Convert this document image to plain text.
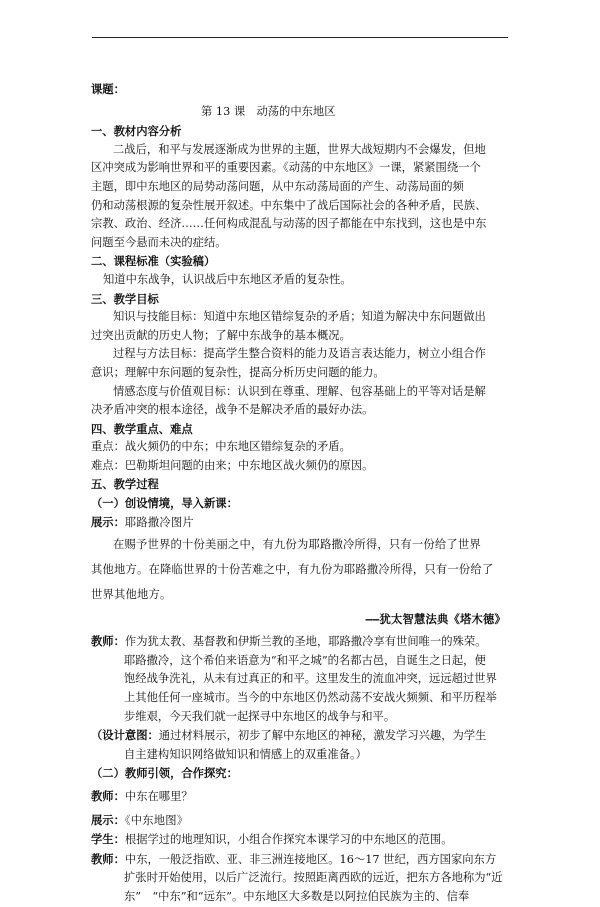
课题：
第 13 课　动荡的中东地区
一、教材内容分析
二战后，和平与发展逐渐成为世界的主题，世界大战短期内不会爆发，但地
区冲突成为影响世界和平的重要因素。《动荡的中东地区》一课，紧紧围绕一个
主题，即中东地区的局势动荡问题，从中东动荡局面的产生、动荡局面的频
仍和动荡根源的复杂性展开叙述。中东集中了战后国际社会的各种矛盾，民族、
宗教、政治、经济……任何构成混乱与动荡的因子都能在中东找到，这也是中东
问题至今悬而未决的症结。
二、课程标准（实验稿）
知道中东战争，认识战后中东地区矛盾的复杂性。
三、教学目标
知识与技能目标：知道中东地区错综复杂的矛盾；知道为解决中东问题做出
过突出贡献的历史人物；了解中东战争的基本概况。
过程与方法目标：提高学生整合资料的能力及语言表达能力，树立小组合作
意识；理解中东问题的复杂性，提高分析历史问题的能力。
情感态度与价值观目标：认识到在尊重、理解、包容基础上的平等对话是解
决矛盾冲突的根本途径，战争不是解决矛盾的最好办法。
四、教学重点、难点
重点：战火频仍的中东；中东地区错综复杂的矛盾。
难点：巴勒斯坦问题的由来；中东地区战火频仍的原因。
五、教学过程
（一）创设情境，导入新课：
展示：耶路撒冷图片
在赐予世界的十份美丽之中，有九份为耶路撒冷所得，只有一份给了世界
其他地方。在降临世界的十份苦难之中，有九份为耶路撒冷所得，只有一份给了
世界其他地方。
——犹太智慧法典《塔木德》
教师：作为犹太教、基督教和伊斯兰教的圣地，耶路撒冷享有世间唯一的殊荣。
耶路撒冷，这个希伯来语意为“和平之城”的名都古邑，自诞生之日起，便
饱经战争洗礼，从未有过真正的和平。这里发生的流血冲突，远远超过世界
上其他任何一座城市。当今的中东地区仍然动荡不安战火频频、和平历程举
步维艰，今天我们就一起探寻中东地区的战争与和平。
（设计意图：通过材料展示，初步了解中东地区的神秘，激发学习兴趣，为学生
自主建构知识网络做知识和情感上的双重准备。）
（二）教师引领，合作探究：
教师：中东在哪里？
展示：《中东地图》
学生：根据学过的地理知识，小组合作探究本课学习的中东地区的范围。
教师：中东，一般泛指欧、亚、非三洲连接地区。16～17 世纪，西方国家向东方
扩张时开始使用，以后广泛流行。按照距离西欧的远近，把东方各地称为“近
东”　“中东”和“远东”。中东地区大多数是以阿拉伯民族为主的、信奉
